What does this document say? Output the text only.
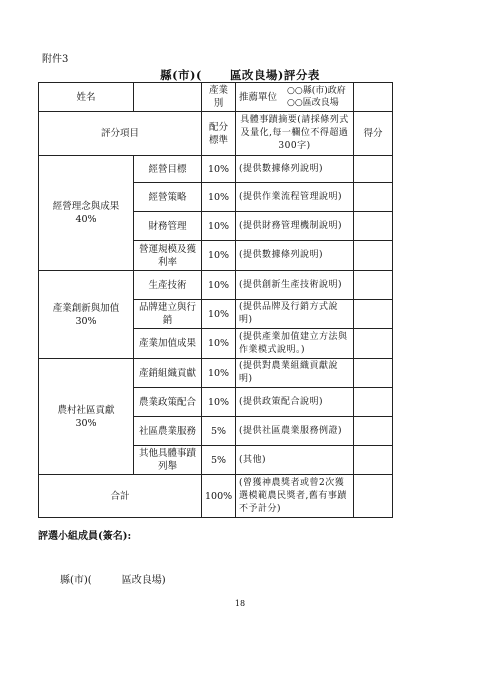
附件3
縣(市)( 區改良場)評分表
姓名		產業別	推薦單位
○○縣(市)政府
○○區改良場	

評分項目		配分標準	具體事蹟摘要(請採條列式及量化,每一欄位不得超過300字)	得分

經營理念與成果
40%	經營目標	10%	(提供數據條列說明)	
	經營策略	10%	(提供作業流程管理說明)	
	財務管理	10%	(提供財務管理機制說明)	
	營運規模及獲利率	10%	(提供數據條列說明)	

產業創新與加值
30%	生產技術	10%	(提供創新生產技術說明)	
	品牌建立與行銷	10%	(提供品牌及行銷方式說明)	
	產業加值成果	10%	(提供產業加值建立方法與作業模式說明。)	

農村社區貢獻
30%	產銷組織貢獻	10%	(提供對農業組織貢獻說明)	
	農業政策配合	10%	(提供政策配合說明)	
	社區農業服務	5%	(提供社區農業服務例證)	
	其他具體事蹟列舉	5%	(其他)	
合計		100%	(曾獲神農獎者或曾2次獲選模範農民獎者,舊有事蹟不予計分)	
評選小組成員(簽名):
縣(市)(	區改良場)
18
